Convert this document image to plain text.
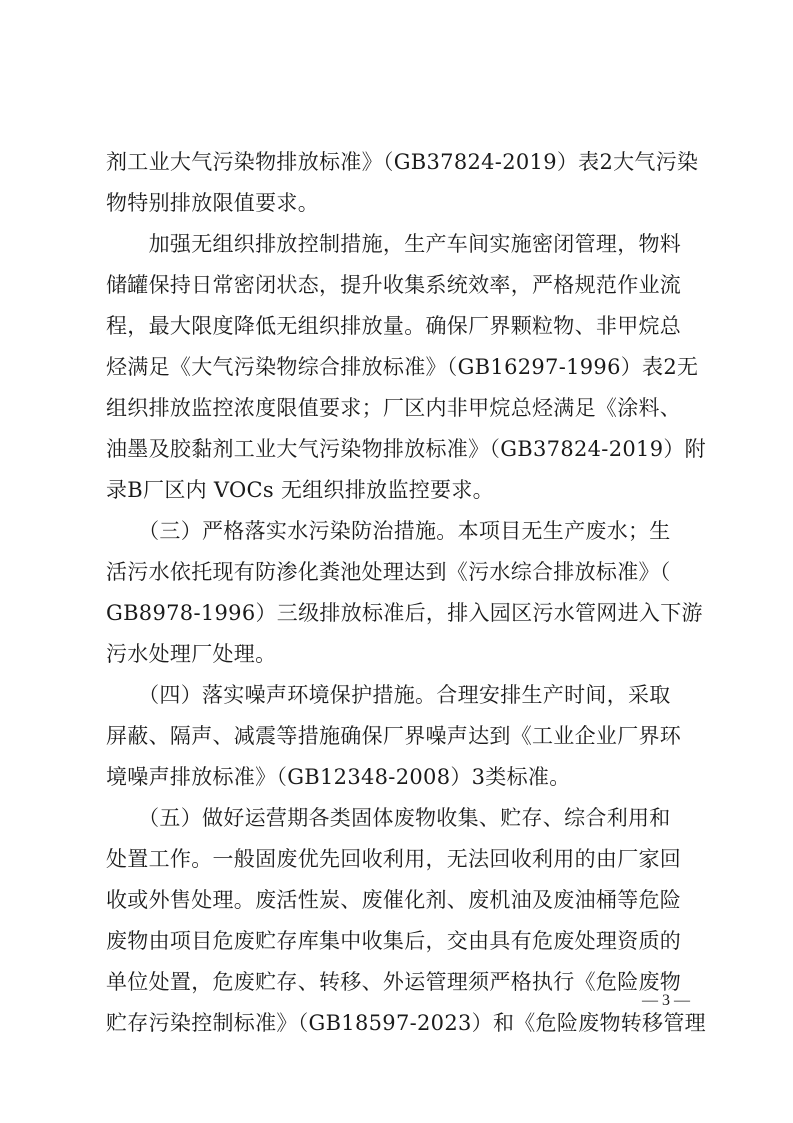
剂工业大气污染物排放标准》（GB37824-2019）表2大气污染
物特别排放限值要求。

　　加强无组织排放控制措施，生产车间实施密闭管理，物料
储罐保持日常密闭状态，提升收集系统效率，严格规范作业流
程，最大限度降低无组织排放量。确保厂界颗粒物、非甲烷总
烃满足《大气污染物综合排放标准》（GB16297-1996）表2无
组织排放监控浓度限值要求；厂区内非甲烷总烃满足《涂料、
油墨及胶黏剂工业大气污染物排放标准》（GB37824-2019）附
录B厂区内 VOCs 无组织排放监控要求。

　　（三）严格落实水污染防治措施。本项目无生产废水；生
活污水依托现有防渗化粪池处理达到《污水综合排放标准》（
GB8978-1996）三级排放标准后，排入园区污水管网进入下游
污水处理厂处理。

　　（四）落实噪声环境保护措施。合理安排生产时间，采取
屏蔽、隔声、减震等措施确保厂界噪声达到《工业企业厂界环
境噪声排放标准》（GB12348-2008）3类标准。

　　（五）做好运营期各类固体废物收集、贮存、综合利用和
处置工作。一般固废优先回收利用，无法回收利用的由厂家回
收或外售处理。废活性炭、废催化剂、废机油及废油桶等危险
废物由项目危废贮存库集中收集后，交由具有危废处理资质的
单位处置，危废贮存、转移、外运管理须严格执行《危险废物
贮存污染控制标准》（GB18597-2023）和《危险废物转移管理

— 3 —
